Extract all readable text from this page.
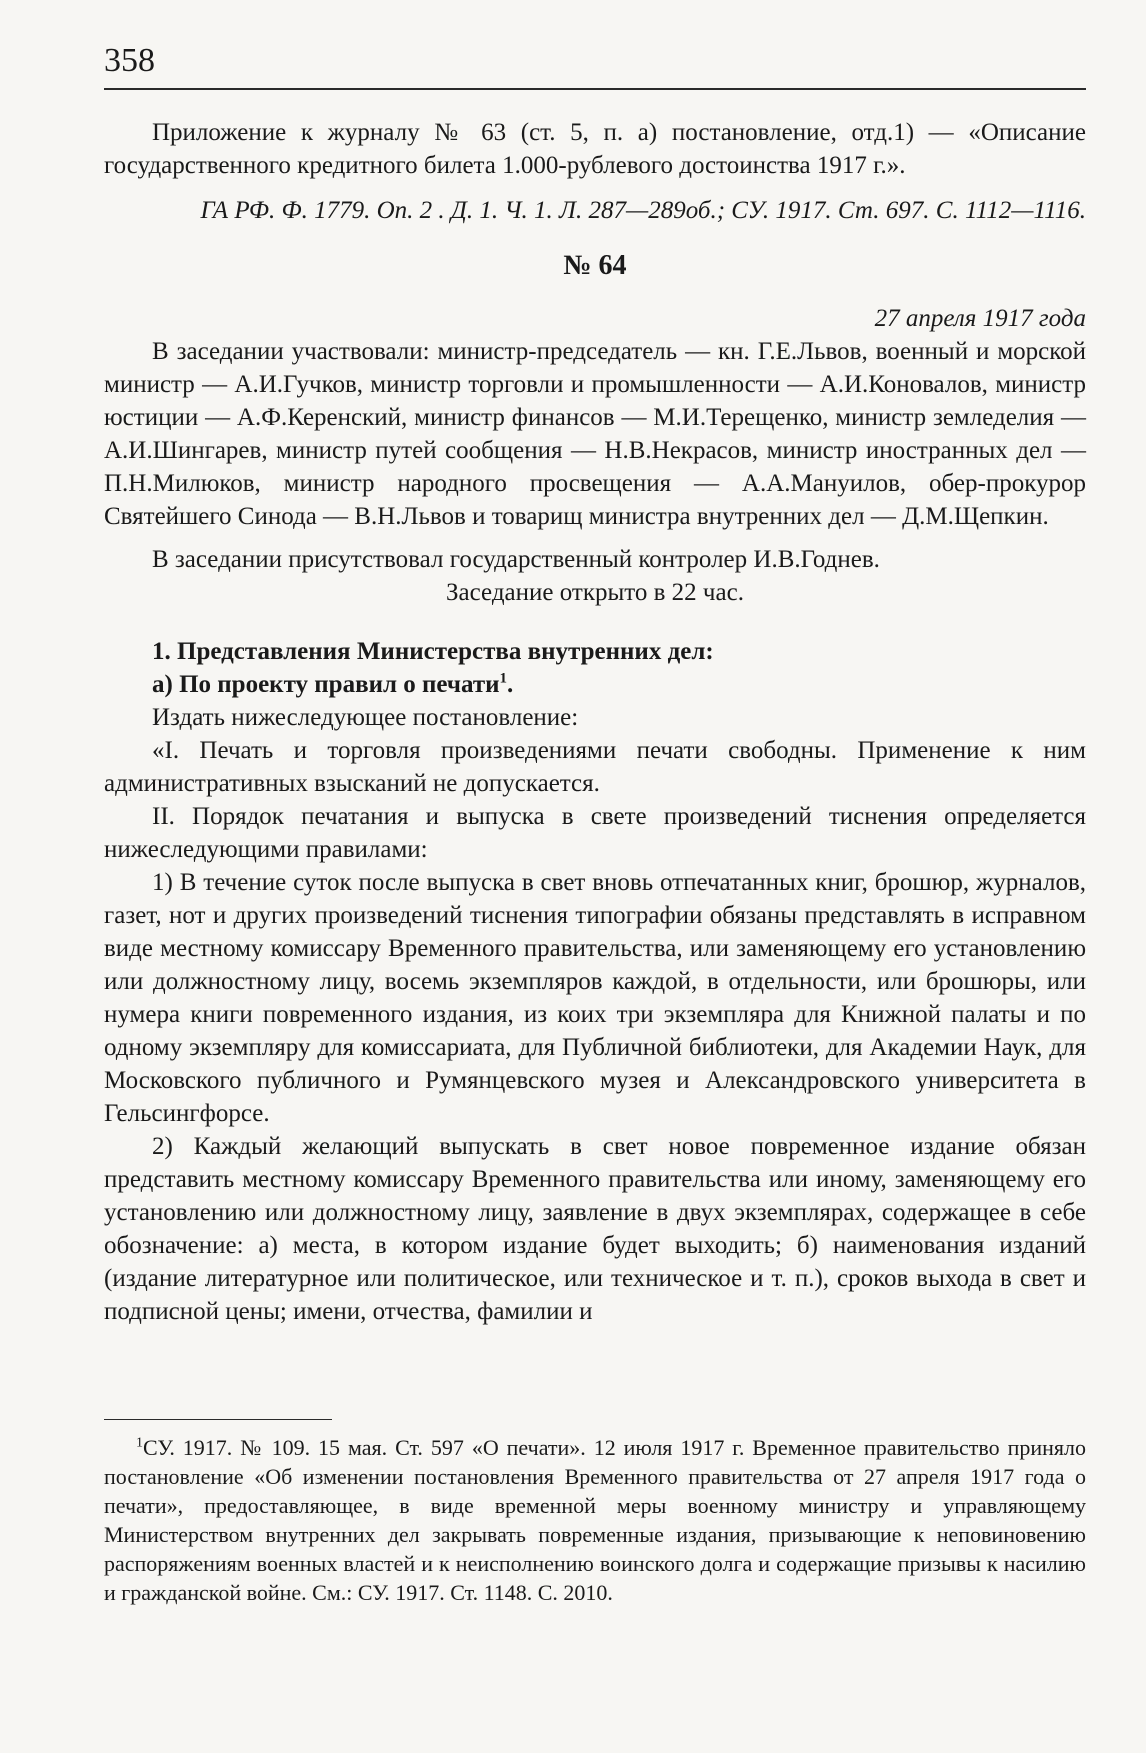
358

Приложение к журналу № 63 (ст. 5, п. а) постановление, отд.1) — «Описание государственного кредитного билета 1.000-рублевого достоинства 1917 г.».

ГА РФ. Ф. 1779. Оп. 2 . Д. 1. Ч. 1. Л. 287—289об.; СУ. 1917. Ст. 697. С. 1112—1116.

№ 64

27 апреля 1917 года

В заседании участвовали: министр-председатель — кн. Г.Е.Львов, военный и морской министр — А.И.Гучков, министр торговли и промышленности — А.И.Коновалов, министр юстиции — А.Ф.Керенский, министр финансов — М.И.Терещенко, министр земледелия — А.И.Шингарев, министр путей сообщения — Н.В.Некрасов, министр иностранных дел — П.Н.Милюков, министр народного просвещения — А.А.Мануилов, обер-прокурор Святейшего Синода — В.Н.Львов и товарищ министра внутренних дел — Д.М.Щепкин.

В заседании присутствовал государственный контролер И.В.Годнев.

Заседание открыто в 22 час.

1. Представления Министерства внутренних дел:

а) По проекту правил о печати$^1$.

Издать нижеследующее постановление:

«I. Печать и торговля произведениями печати свободны. Применение к ним административных взысканий не допускается.

II. Порядок печатания и выпуска в свете произведений тиснения определяется нижеследующими правилами:

1) В течение суток после выпуска в свет вновь отпечатанных книг, брошюр, журналов, газет, нот и других произведений тиснения типографии обязаны представлять в исправном виде местному комиссару Временного правительства, или заменяющему его установлению или должностному лицу, восемь экземпляров каждой, в отдельности, или брошюры, или нумера книги повременного издания, из коих три экземпляра для Книжной палаты и по одному экземпляру для комиссариата, для Публичной библиотеки, для Академии Наук, для Московского публичного и Румянцевского музея и Александровского университета в Гельсингфорсе.

2) Каждый желающий выпускать в свет новое повременное издание обязан представить местному комиссару Временного правительства или иному, заменяющему его установлению или должностному лицу, заявление в двух экземплярах, содержащее в себе обозначение: а) места, в котором издание будет выходить; б) наименования изданий (издание литературное или политическое, или техническое и т. п.), сроков выхода в свет и подписной цены; имени, отчества, фамилии и

$^1$СУ. 1917. № 109. 15 мая. Ст. 597 «О печати». 12 июля 1917 г. Временное правительство приняло постановление «Об изменении постановления Временного правительства от 27 апреля 1917 года о печати», предоставляющее, в виде временной меры военному министру и управляющему Министерством внутренних дел закрывать повременные издания, призывающие к неповиновению распоряжениям военных властей и к неисполнению воинского долга и содержащие призывы к насилию и гражданской войне. См.: СУ. 1917. Ст. 1148. С. 2010.
